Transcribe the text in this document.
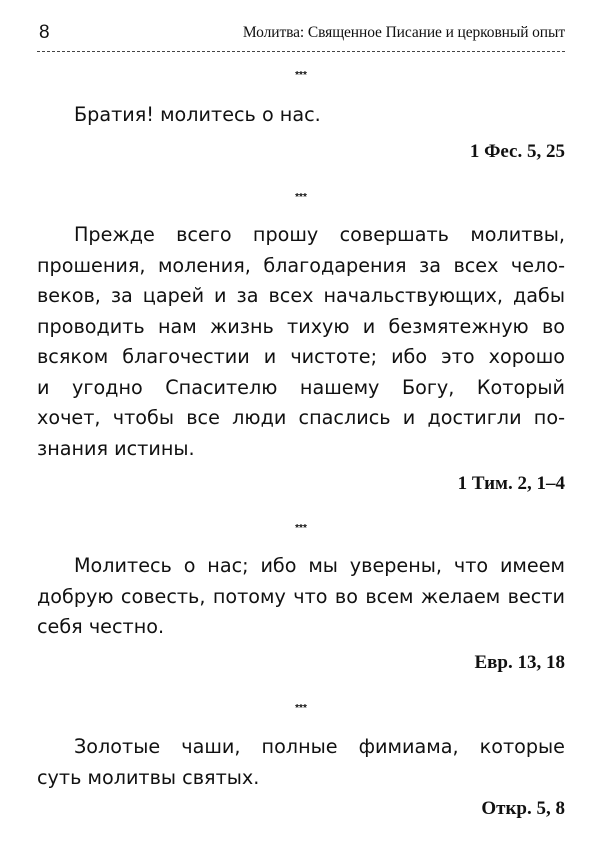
8	Молитва: Священное Писание и церковный опыт
***
Братия! молитесь о нас.
1 Фес. 5, 25
***
Прежде всего прошу совершать молитвы,
прошения, моления, благодарения за всех чело-
веков, за царей и за всех начальствующих, дабы
проводить нам жизнь тихую и безмятежную во
всяком благочестии и чистоте; ибо это хорошо
и угодно Спасителю нашему Богу, Который
хочет, чтобы все люди спаслись и достигли по-
знания истины.
1 Тим. 2, 1–4
***
Молитесь о нас; ибо мы уверены, что имеем
добрую совесть, потому что во всем желаем вести
себя честно.
Евр. 13, 18
***
Золотые чаши, полные фимиама, которые
суть молитвы святых.
Откр. 5, 8
